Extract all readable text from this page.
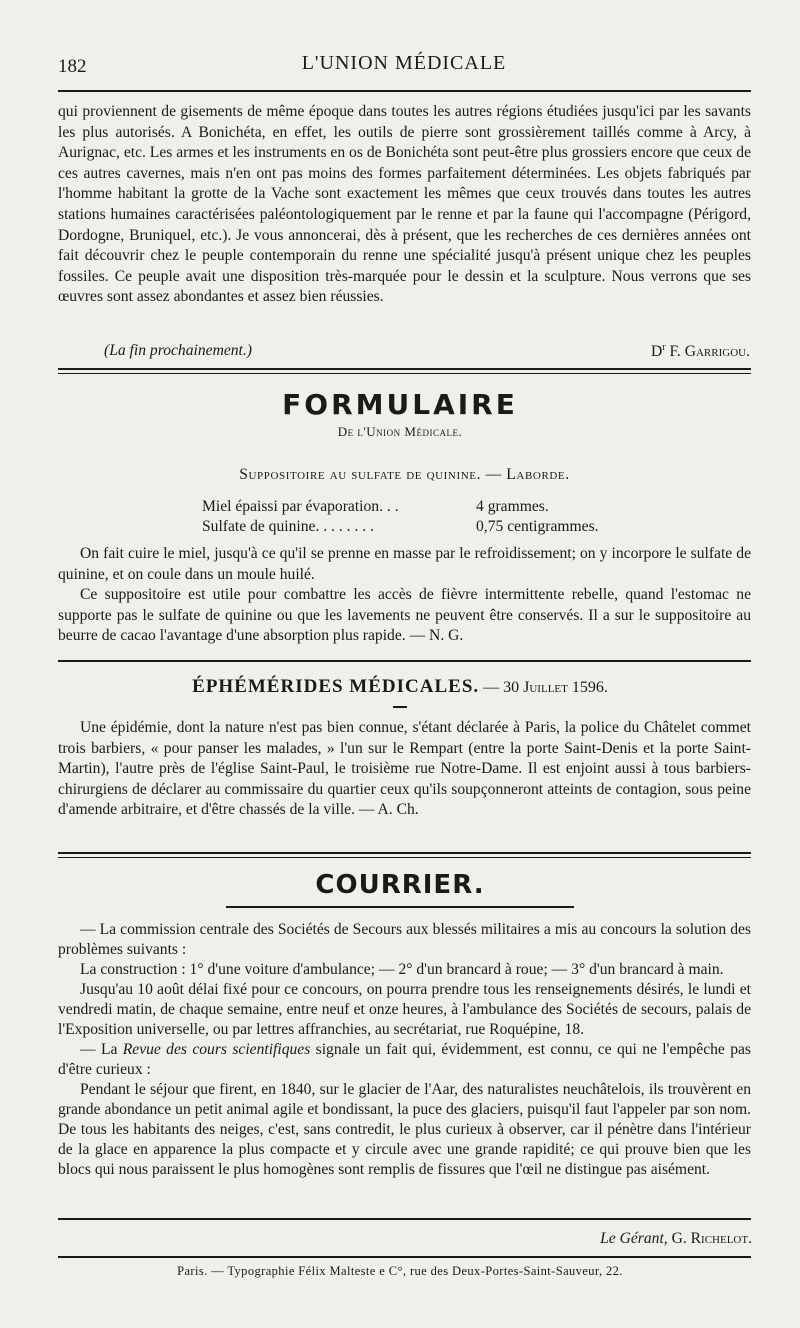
182	L'UNION MÉDICALE

qui proviennent de gisements de même époque dans toutes les autres régions étudiées jusqu'ici par les savants les plus autorisés. A Bonichéta, en effet, les outils de pierre sont grossièrement taillés comme à Arcy, à Aurignac, etc. Les armes et les instruments en os de Bonichéta sont peut-être plus grossiers encore que ceux de ces autres cavernes, mais n'en ont pas moins des formes parfaitement déterminées. Les objets fabriqués par l'homme habitant la grotte de la Vache sont exactement les mêmes que ceux trouvés dans toutes les autres stations humaines caractérisées paléontologiquement par le renne et par la faune qui l'accompagne (Périgord, Dordogne, Bruniquel, etc.). Je vous annoncerai, dès à présent, que les recherches de ces dernières années ont fait découvrir chez le peuple contemporain du renne une spécialité jusqu'à présent unique chez les peuples fossiles. Ce peuple avait une disposition très-marquée pour le dessin et la sculpture. Nous verrons que ses œuvres sont assez abondantes et assez bien réussies.

(La fin prochainement.)	$D^r$ F. Garrigou.
FORMULAIRE
De l'Union Médicale.
Suppositoire au sulfate de quinine. — Laborde.
Miel épaissi par évaporation. . .	4 grammes.
Sulfate de quinine. . . . . . . .	0,75 centigrammes.

On fait cuire le miel, jusqu'à ce qu'il se prenne en masse par le refroidissement; on y incorpore le sulfate de quinine, et on coule dans un moule huilé.

Ce suppositoire est utile pour combattre les accès de fièvre intermittente rebelle, quand l'estomac ne supporte pas le sulfate de quinine ou que les lavements ne peuvent être conservés. Il a sur le suppositoire au beurre de cacao l'avantage d'une absorption plus rapide. — N. G.

ÉPHÉMÉRIDES MÉDICALES. — 30 Juillet 1596.

Une épidémie, dont la nature n'est pas bien connue, s'étant déclarée à Paris, la police du Châtelet commet trois barbiers, « pour panser les malades, » l'un sur le Rempart (entre la porte Saint-Denis et la porte Saint-Martin), l'autre près de l'église Saint-Paul, le troisième rue Notre-Dame. Il est enjoint aussi à tous barbiers-chirurgiens de déclarer au commissaire du quartier ceux qu'ils soupçonneront atteints de contagion, sous peine d'amende arbitraire, et d'être chassés de la ville. — A. Ch.

COURRIER.

— La commission centrale des Sociétés de Secours aux blessés militaires a mis au concours la solution des problèmes suivants :

La construction : 1° d'une voiture d'ambulance; — 2° d'un brancard à roue; — 3° d'un brancard à main.

Jusqu'au 10 août délai fixé pour ce concours, on pourra prendre tous les renseignements désirés, le lundi et vendredi matin, de chaque semaine, entre neuf et onze heures, à l'ambulance des Sociétés de secours, palais de l'Exposition universelle, ou par lettres affranchies, au secrétariat, rue Roquépine, 18.

— La Revue des cours scientifiques signale un fait qui, évidemment, est connu, ce qui ne l'empêche pas d'être curieux :

Pendant le séjour que firent, en 1840, sur le glacier de l'Aar, des naturalistes neuchâtelois, ils trouvèrent en grande abondance un petit animal agile et bondissant, la puce des glaciers, puisqu'il faut l'appeler par son nom. De tous les habitants des neiges, c'est, sans contredit, le plus curieux à observer, car il pénètre dans l'intérieur de la glace en apparence la plus compacte et y circule avec une grande rapidité; ce qui prouve bien que les blocs qui nous paraissent le plus homogènes sont remplis de fissures que l'œil ne distingue pas aisément.

Le Gérant, G. Richelot.
Paris. — Typographie Félix Malteste e C°, rue des Deux-Portes-Saint-Sauveur, 22.
